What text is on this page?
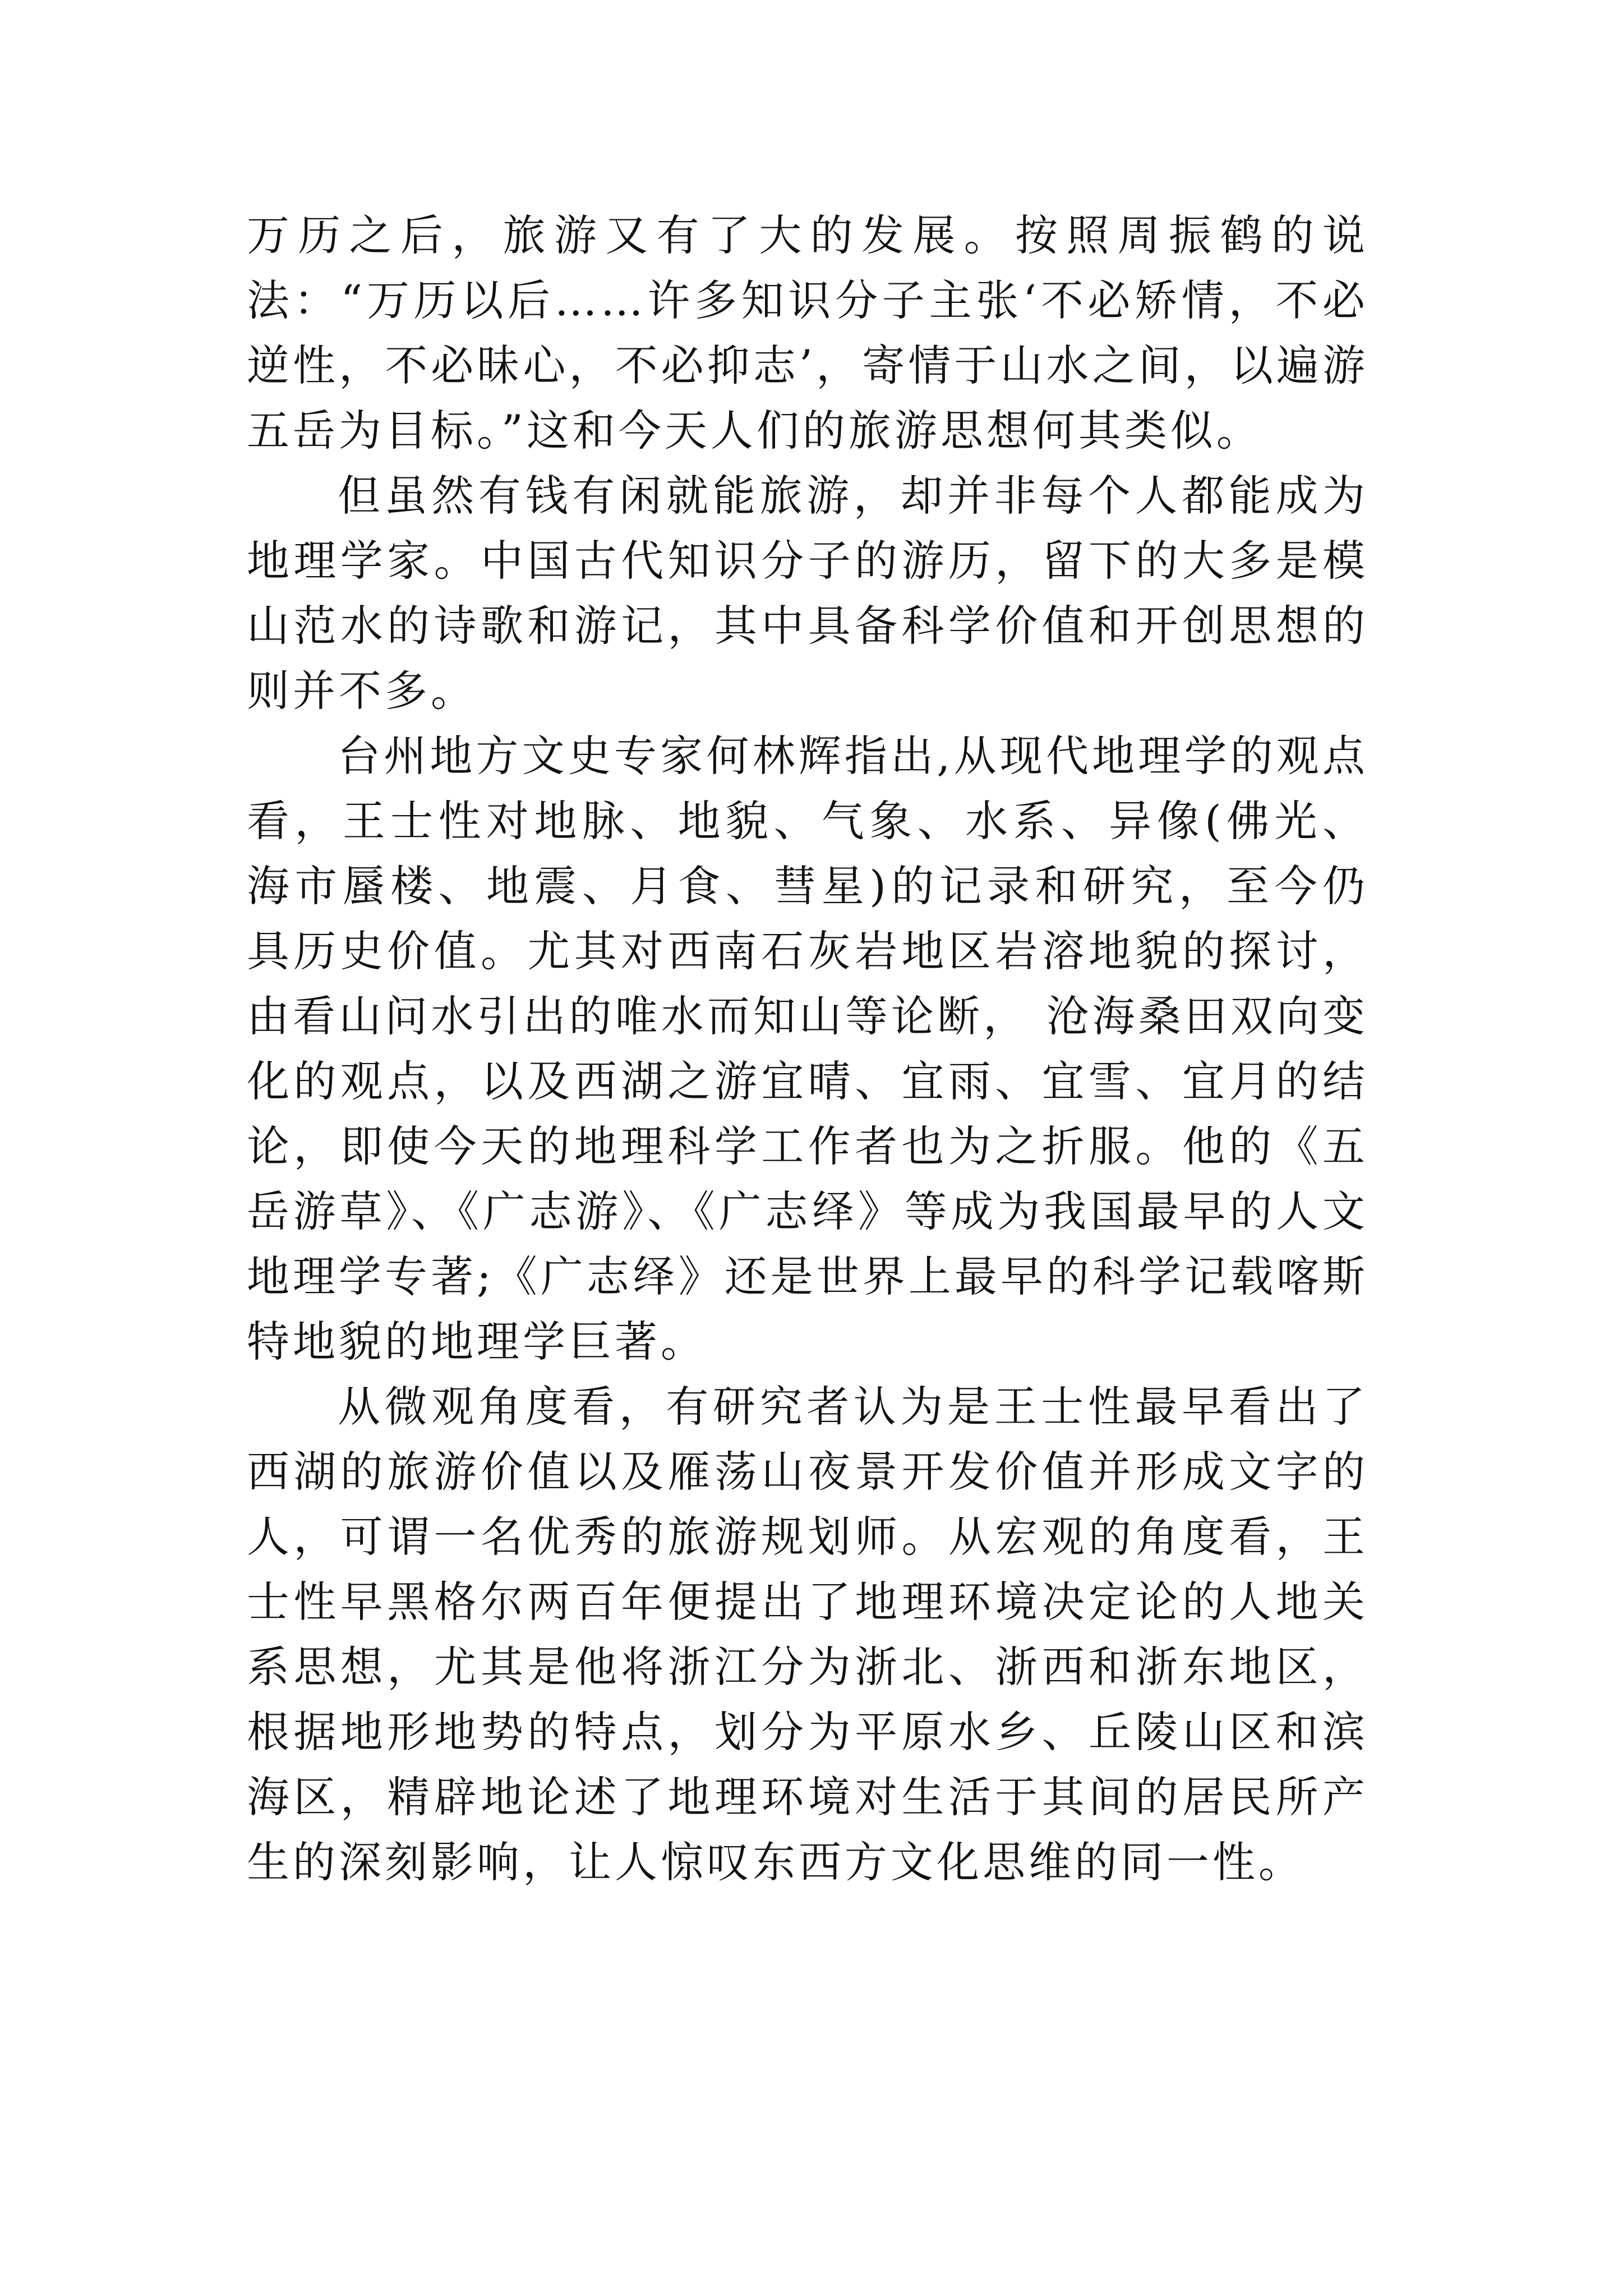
万历之后，旅游又有了大的发展。按照周振鹤的说法：“万历以后……许多知识分子主张‘不必矫情，不必逆性，不必昧心，不必抑志’，寄情于山水之间，以遍游五岳为目标。”这和今天人们的旅游思想何其类似。

但虽然有钱有闲就能旅游，却并非每个人都能成为地理学家。中国古代知识分子的游历，留下的大多是模山范水的诗歌和游记，其中具备科学价值和开创思想的则并不多。

台州地方文史专家何林辉指出,从现代地理学的观点看，王士性对地脉、地貌、气象、水系、异像(佛光、海市蜃楼、地震、月食、彗星)的记录和研究，至今仍具历史价值。尤其对西南石灰岩地区岩溶地貌的探讨，由看山问水引出的唯水而知山等论断， 沧海桑田双向变化的观点，以及西湖之游宜晴、宜雨、宜雪、宜月的结论，即使今天的地理科学工作者也为之折服。他的《五岳游草》、《广志游》、《广志绎》等成为我国最早的人文地理学专著;《广志绎》还是世界上最早的科学记载喀斯特地貌的地理学巨著。

从微观角度看，有研究者认为是王士性最早看出了西湖的旅游价值以及雁荡山夜景开发价值并形成文字的人，可谓一名优秀的旅游规划师。从宏观的角度看，王士性早黑格尔两百年便提出了地理环境决定论的人地关系思想，尤其是他将浙江分为浙北、浙西和浙东地区，根据地形地势的特点，划分为平原水乡、丘陵山区和滨海区，精辟地论述了地理环境对生活于其间的居民所产生的深刻影响，让人惊叹东西方文化思维的同一性。
